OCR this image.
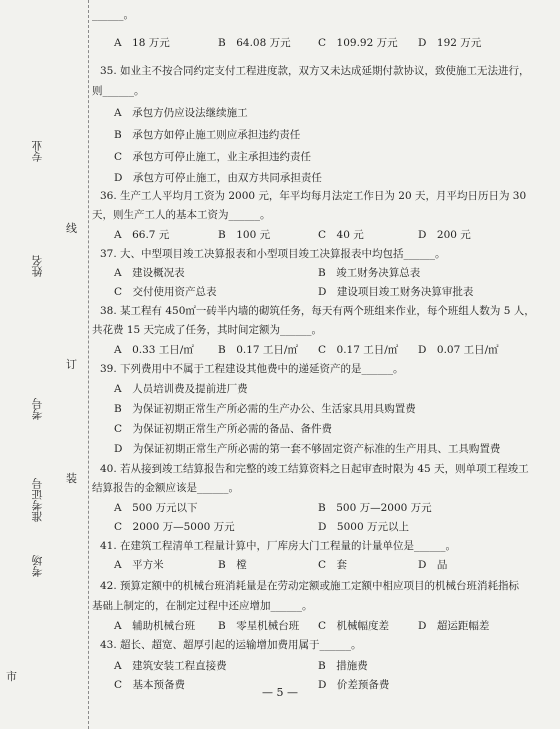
专业
姓名
考号
准考证号
考场
线
订
装
市
______。
A　18 万元	B　64.08 万元	C　109.92 万元 D　192 万元
35. 如业主不按合同约定支付工程进度款，双方又未达成延期付款协议，致使施工无法进行，
则______。
A　承包方仍应设法继续施工
B　承包方如停止施工则应承担违约责任
C　承包方可停止施工，业主承担违约责任
D　承包方可停止施工，由双方共同承担责任
36. 生产工人平均月工资为 2000 元，年平均每月法定工作日为 20 天，月平均日历日为 30
天，则生产工人的基本工资为______。
A　66.7 元	B　100 元	C　40 元	D　200 元
37. 大、中型项目竣工决算报表和小型项目竣工决算报表中均包括______。
A　建设概况表	B　竣工财务决算总表
C　交付使用资产总表	D　建设项目竣工财务决算审批表
38. 某工程有 450㎡一砖半内墙的砌筑任务，每天有两个班组来作业，每个班组人数为 5 人，
共花费 15 天完成了任务，其时间定额为______。
A　0.33 工日/㎡ B　0.17 工日/㎡ C　0.17 工日/㎡ D　0.07 工日/㎡
39. 下列费用中不属于工程建设其他费中的递延资产的是______。
A　人员培训费及提前进厂费
B　为保证初期正常生产所必需的生产办公、生活家具用具购置费
C　为保证初期正常生产所必需的备品、备件费
D　为保证初期正常生产所必需的第一套不够固定资产标准的生产用具、工具购置费
40. 若从接到竣工结算报告和完整的竣工结算资料之日起审查时限为 45 天，则单项工程竣工
结算报告的金额应该是______。
A　500 万元以下	B　500 万—2000 万元
C　2000 万—5000 万元	D　5000 万元以上
41. 在建筑工程清单工程量计算中，厂库房大门工程量的计量单位是______。
A　平方米	B　樘	C　套	D　品
42. 预算定额中的机械台班消耗量是在劳动定额或施工定额中相应项目的机械台班消耗指标
基础上制定的，在制定过程中还应增加______。
A　辅助机械台班 B　零星机械台班 C　机械幅度差	D　超运距幅差
43. 超长、超宽、超厚引起的运输增加费用属于______。
A　建筑安装工程直接费	B　措施费
C　基本预备费	D　价差预备费
— 5 —
